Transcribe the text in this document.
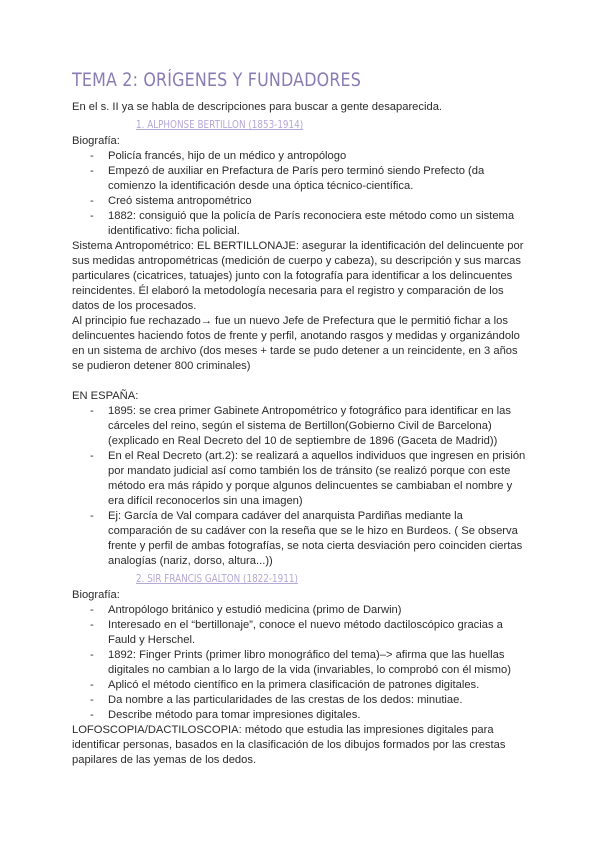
TEMA 2: ORÍGENES Y FUNDADORES

En el s. II ya se habla de descripciones para buscar a gente desaparecida.

1. ALPHONSE BERTILLON (1853-1914)

Biografía:

- Policía francés, hijo de un médico y antropólogo
- Empezó de auxiliar en Prefactura de París pero terminó siendo Prefecto (da comienzo la identificación desde una óptica técnico-científica.
- Creó sistema antropométrico
- 1882: consiguió que la policía de París reconociera este método como un sistema identificativo: ficha policial.

Sistema Antropométrico: EL BERTILLONAJE: asegurar la identificación del delincuente por sus medidas antropométricas (medición de cuerpo y cabeza), su descripción y sus marcas particulares (cicatrices, tatuajes) junto con la fotografía para identificar a los delincuentes reincidentes. Él elaboró la metodología necesaria para el registro y comparación de los datos de los procesados.

Al principio fue rechazado→ fue un nuevo Jefe de Prefectura que le permitió fichar a los delincuentes haciendo fotos de frente y perfil, anotando rasgos y medidas y organizándolo en un sistema de archivo (dos meses + tarde se pudo detener a un reincidente, en 3 años se pudieron detener 800 criminales)

EN ESPAÑA:

- 1895: se crea primer Gabinete Antropométrico y fotográfico para identificar en las cárceles del reino, según el sistema de Bertillon(Gobierno Civil de Barcelona) (explicado en Real Decreto del 10 de septiembre de 1896 (Gaceta de Madrid))
- En el Real Decreto (art.2): se realizará a aquellos individuos que ingresen en prisión por mandato judicial así como también los de tránsito (se realizó porque con este método era más rápido y porque algunos delincuentes se cambiaban el nombre y era difícil reconocerlos sin una imagen)
- Ej: García de Val compara cadáver del anarquista Pardiñas mediante la comparación de su cadáver con la reseña que se le hizo en Burdeos. ( Se observa frente y perfil de ambas fotografías, se nota cierta desviación pero coinciden ciertas analogías (nariz, dorso, altura...))
2. SIR FRANCIS GALTON (1822-1911)

Biografía:

- Antropólogo británico y estudió medicina (primo de Darwin)
- Interesado en el “bertillonaje”, conoce el nuevo método dactiloscópico gracias a Fauld y Herschel.
- 1892: Finger Prints (primer libro monográfico del tema)–> afirma que las huellas digitales no cambian a lo largo de la vida (invariables, lo comprobó con él mismo)
- Aplicó el método científico en la primera clasificación de patrones digitales.
- Da nombre a las particularidades de las crestas de los dedos: minutiae.
- Describe método para tomar impresiones digitales.

LOFOSCOPIA/DACTILOSCOPIA: método que estudia las impresiones digitales para identificar personas, basados en la clasificación de los dibujos formados por las crestas papilares de las yemas de los dedos.
